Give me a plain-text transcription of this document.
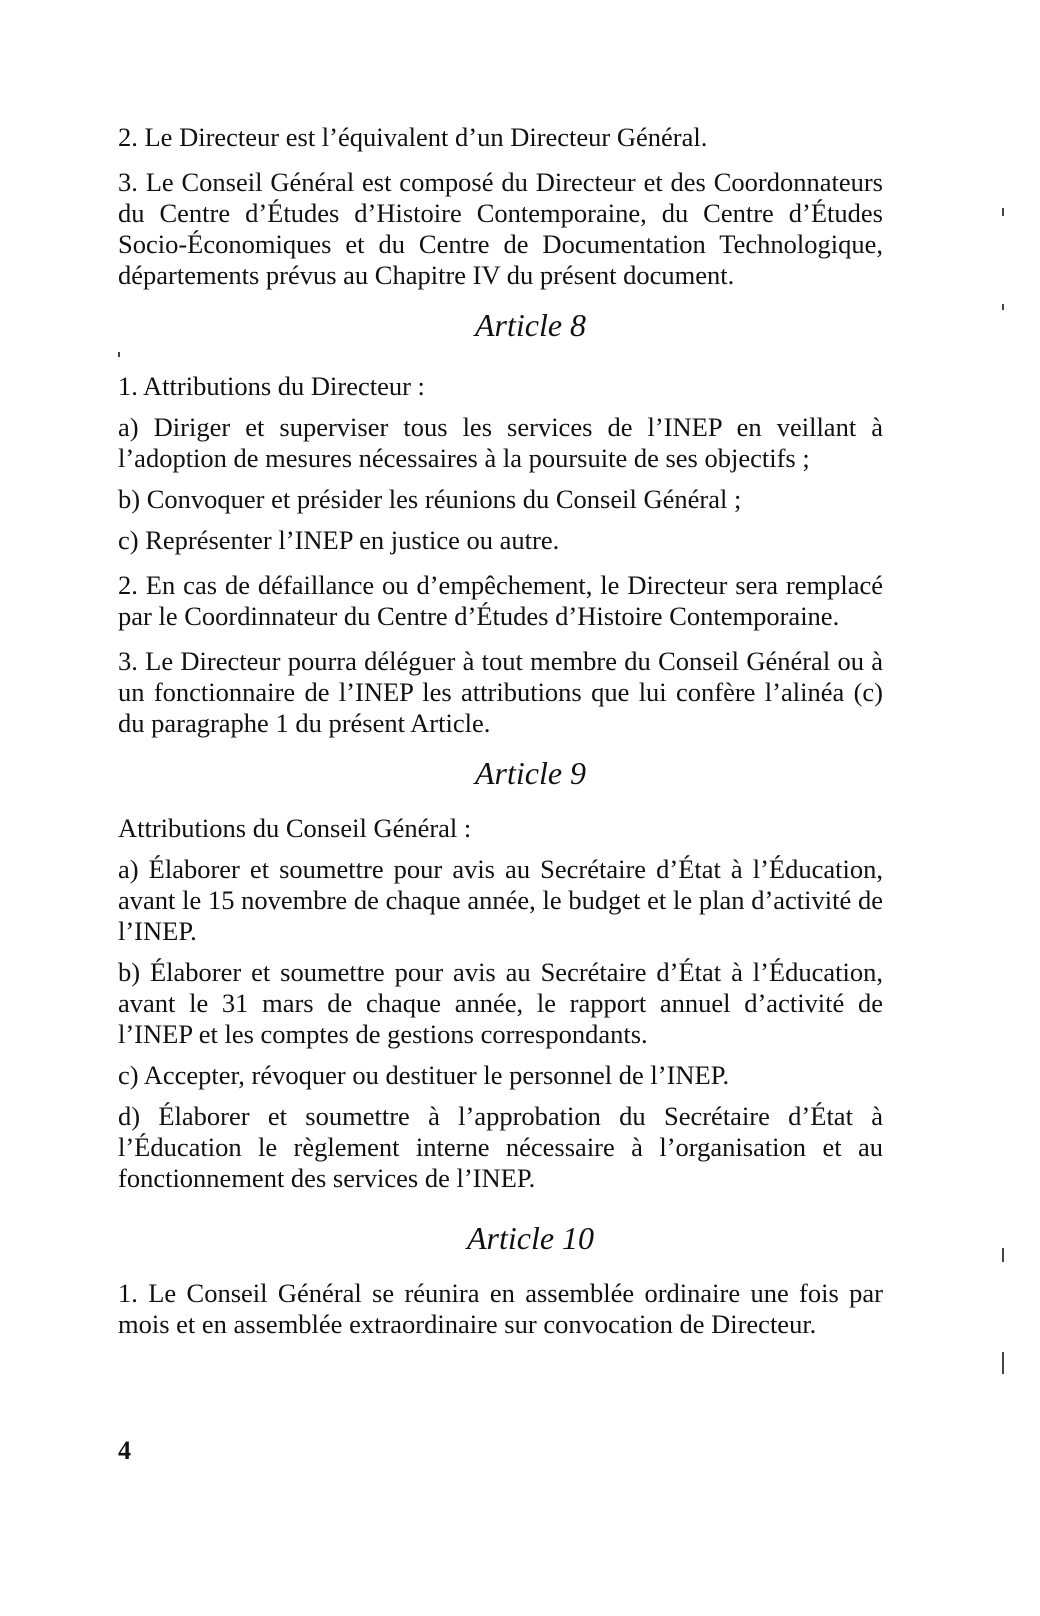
2. Le Directeur est l’équivalent d’un Directeur Général.

3. Le Conseil Général est composé du Directeur et des Coordonnateurs du Centre d’Études d’Histoire Contemporaine, du Centre d’Études Socio-Économiques et du Centre de Documentation Technologique, départements prévus au Chapitre IV du présent document.

Article 8

1. Attributions du Directeur :

a) Diriger et superviser tous les services de l’INEP en veillant à l’adoption de mesures nécessaires à la poursuite de ses objectifs ;

b) Convoquer et présider les réunions du Conseil Général ;

c) Représenter l’INEP en justice ou autre.

2. En cas de défaillance ou d’empêchement, le Directeur sera remplacé par le Coordinnateur du Centre d’Études d’Histoire Contemporaine.

3. Le Directeur pourra déléguer à tout membre du Conseil Général ou à un fonctionnaire de l’INEP les attributions que lui confère l’alinéa (c) du paragraphe 1 du présent Article.

Article 9

Attributions du Conseil Général :

a) Élaborer et soumettre pour avis au Secrétaire d’État à l’Éducation, avant le 15 novembre de chaque année, le budget et le plan d’activité de l’INEP.

b) Élaborer et soumettre pour avis au Secrétaire d’État à l’Éducation, avant le 31 mars de chaque année, le rapport annuel d’activité de l’INEP et les comptes de gestions correspondants.

c) Accepter, révoquer ou destituer le personnel de l’INEP.

d) Élaborer et soumettre à l’approbation du Secrétaire d’État à l’Éducation le règlement interne nécessaire à l’organisation et au fonctionnement des services de l’INEP.

Article 10

1. Le Conseil Général se réunira en assemblée ordinaire une fois par mois et en assemblée extraordinaire sur convocation de Directeur.

4
